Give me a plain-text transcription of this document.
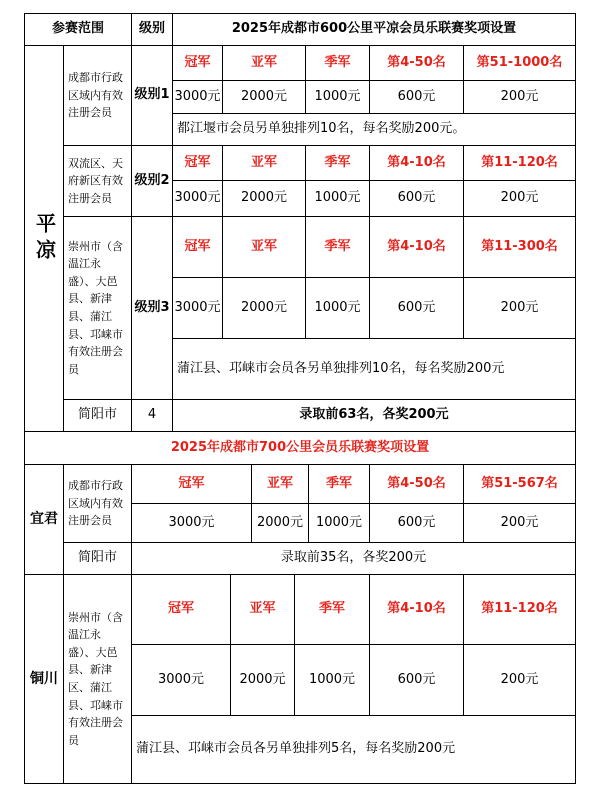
参赛范围	级别	2025年成都市600公里平凉会员乐联赛奖项设置
平凉
成都市行政区域内有效注册会员
级别1
冠军	亚军	季军	第4-50名	第51-1000名
3000元	2000元	1000元	600元	200元
都江堰市会员另单独排列10名，每名奖励200元。
双流区、天府新区有效注册会员
级别2
冠军	亚军	季军	第4-10名	第11-120名
3000元	2000元	1000元	600元	200元
崇州市（含温江永盛）、大邑县、新津县、蒲江县、邛崃市有效注册会员
级别3
冠军	亚军	季军	第4-10名	第11-300名
3000元	2000元	1000元	600元	200元
蒲江县、邛崃市会员各另单独排列10名，每名奖励200元
简阳市	4	录取前63名，各奖200元
2025年成都市700公里会员乐联赛奖项设置
宜君
成都市行政区域内有效注册会员
冠军	亚军	季军	第4-50名	第51-567名
3000元	2000元 1000元	600元	200元
简阳市	录取前35名，各奖200元
铜川
崇州市（含温江永盛）、大邑县、新津区、蒲江县、邛崃市有效注册会员
冠军	亚军	季军	第4-10名	第11-120名
3000元	2000元	1000元	600元	200元
蒲江县、邛崃市会员各另单独排列5名，每名奖励200元
